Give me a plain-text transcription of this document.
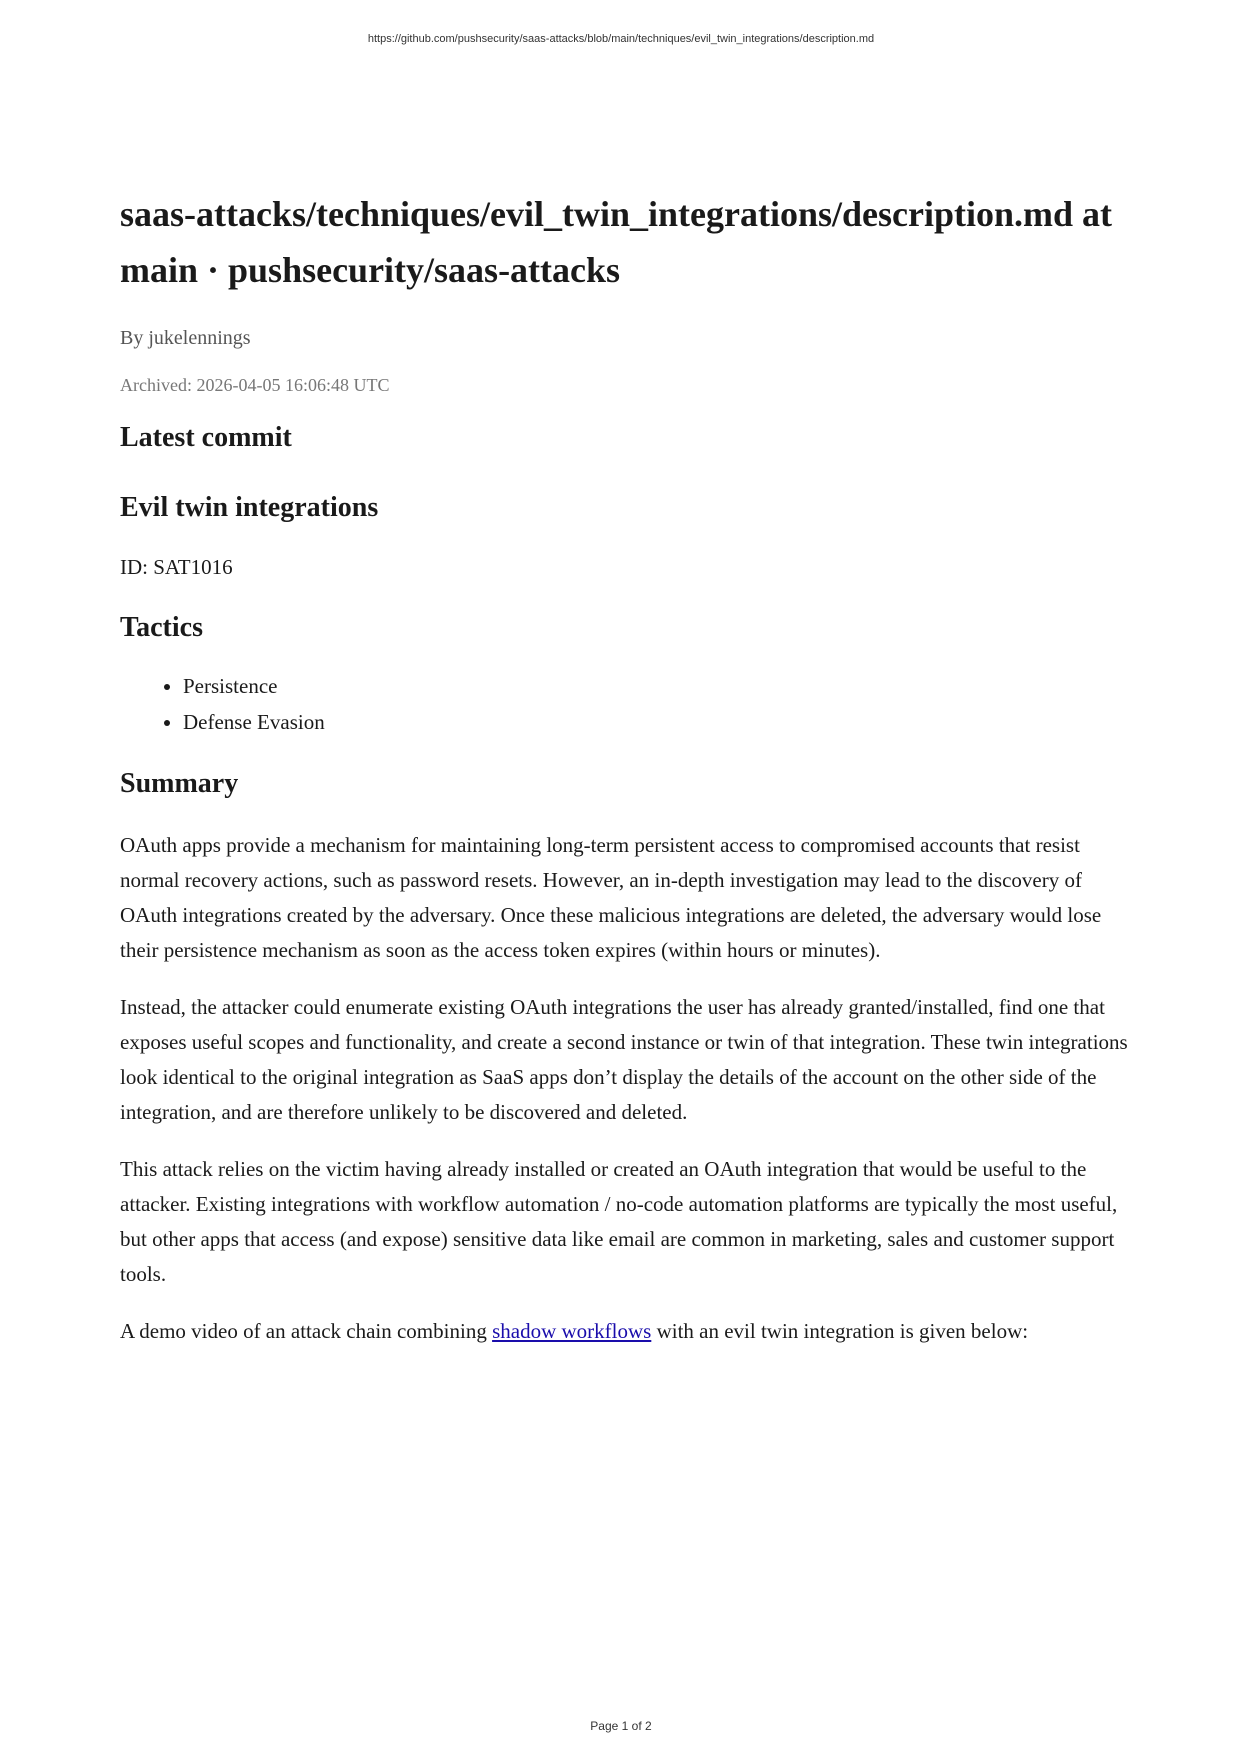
https://github.com/pushsecurity/saas-attacks/blob/main/techniques/evil_twin_integrations/description.md
saas-attacks/techniques/evil_twin_integrations/description.md at main · pushsecurity/saas-attacks

By jukelennings

Archived: 2026-04-05 16:06:48 UTC

Latest commit
Evil twin integrations

ID: SAT1016

Tactics
• Persistence
• Defense Evasion
Summary

OAuth apps provide a mechanism for maintaining long-term persistent access to compromised accounts that resist normal recovery actions, such as password resets. However, an in-depth investigation may lead to the discovery of OAuth integrations created by the adversary. Once these malicious integrations are deleted, the adversary would lose their persistence mechanism as soon as the access token expires (within hours or minutes).

Instead, the attacker could enumerate existing OAuth integrations the user has already granted/installed, find one that exposes useful scopes and functionality, and create a second instance or twin of that integration. These twin integrations look identical to the original integration as SaaS apps don’t display the details of the account on the other side of the integration, and are therefore unlikely to be discovered and deleted.

This attack relies on the victim having already installed or created an OAuth integration that would be useful to the attacker. Existing integrations with workflow automation / no-code automation platforms are typically the most useful, but other apps that access (and expose) sensitive data like email are common in marketing, sales and customer support tools.

A demo video of an attack chain combining shadow workflows with an evil twin integration is given below:

Page 1 of 2
